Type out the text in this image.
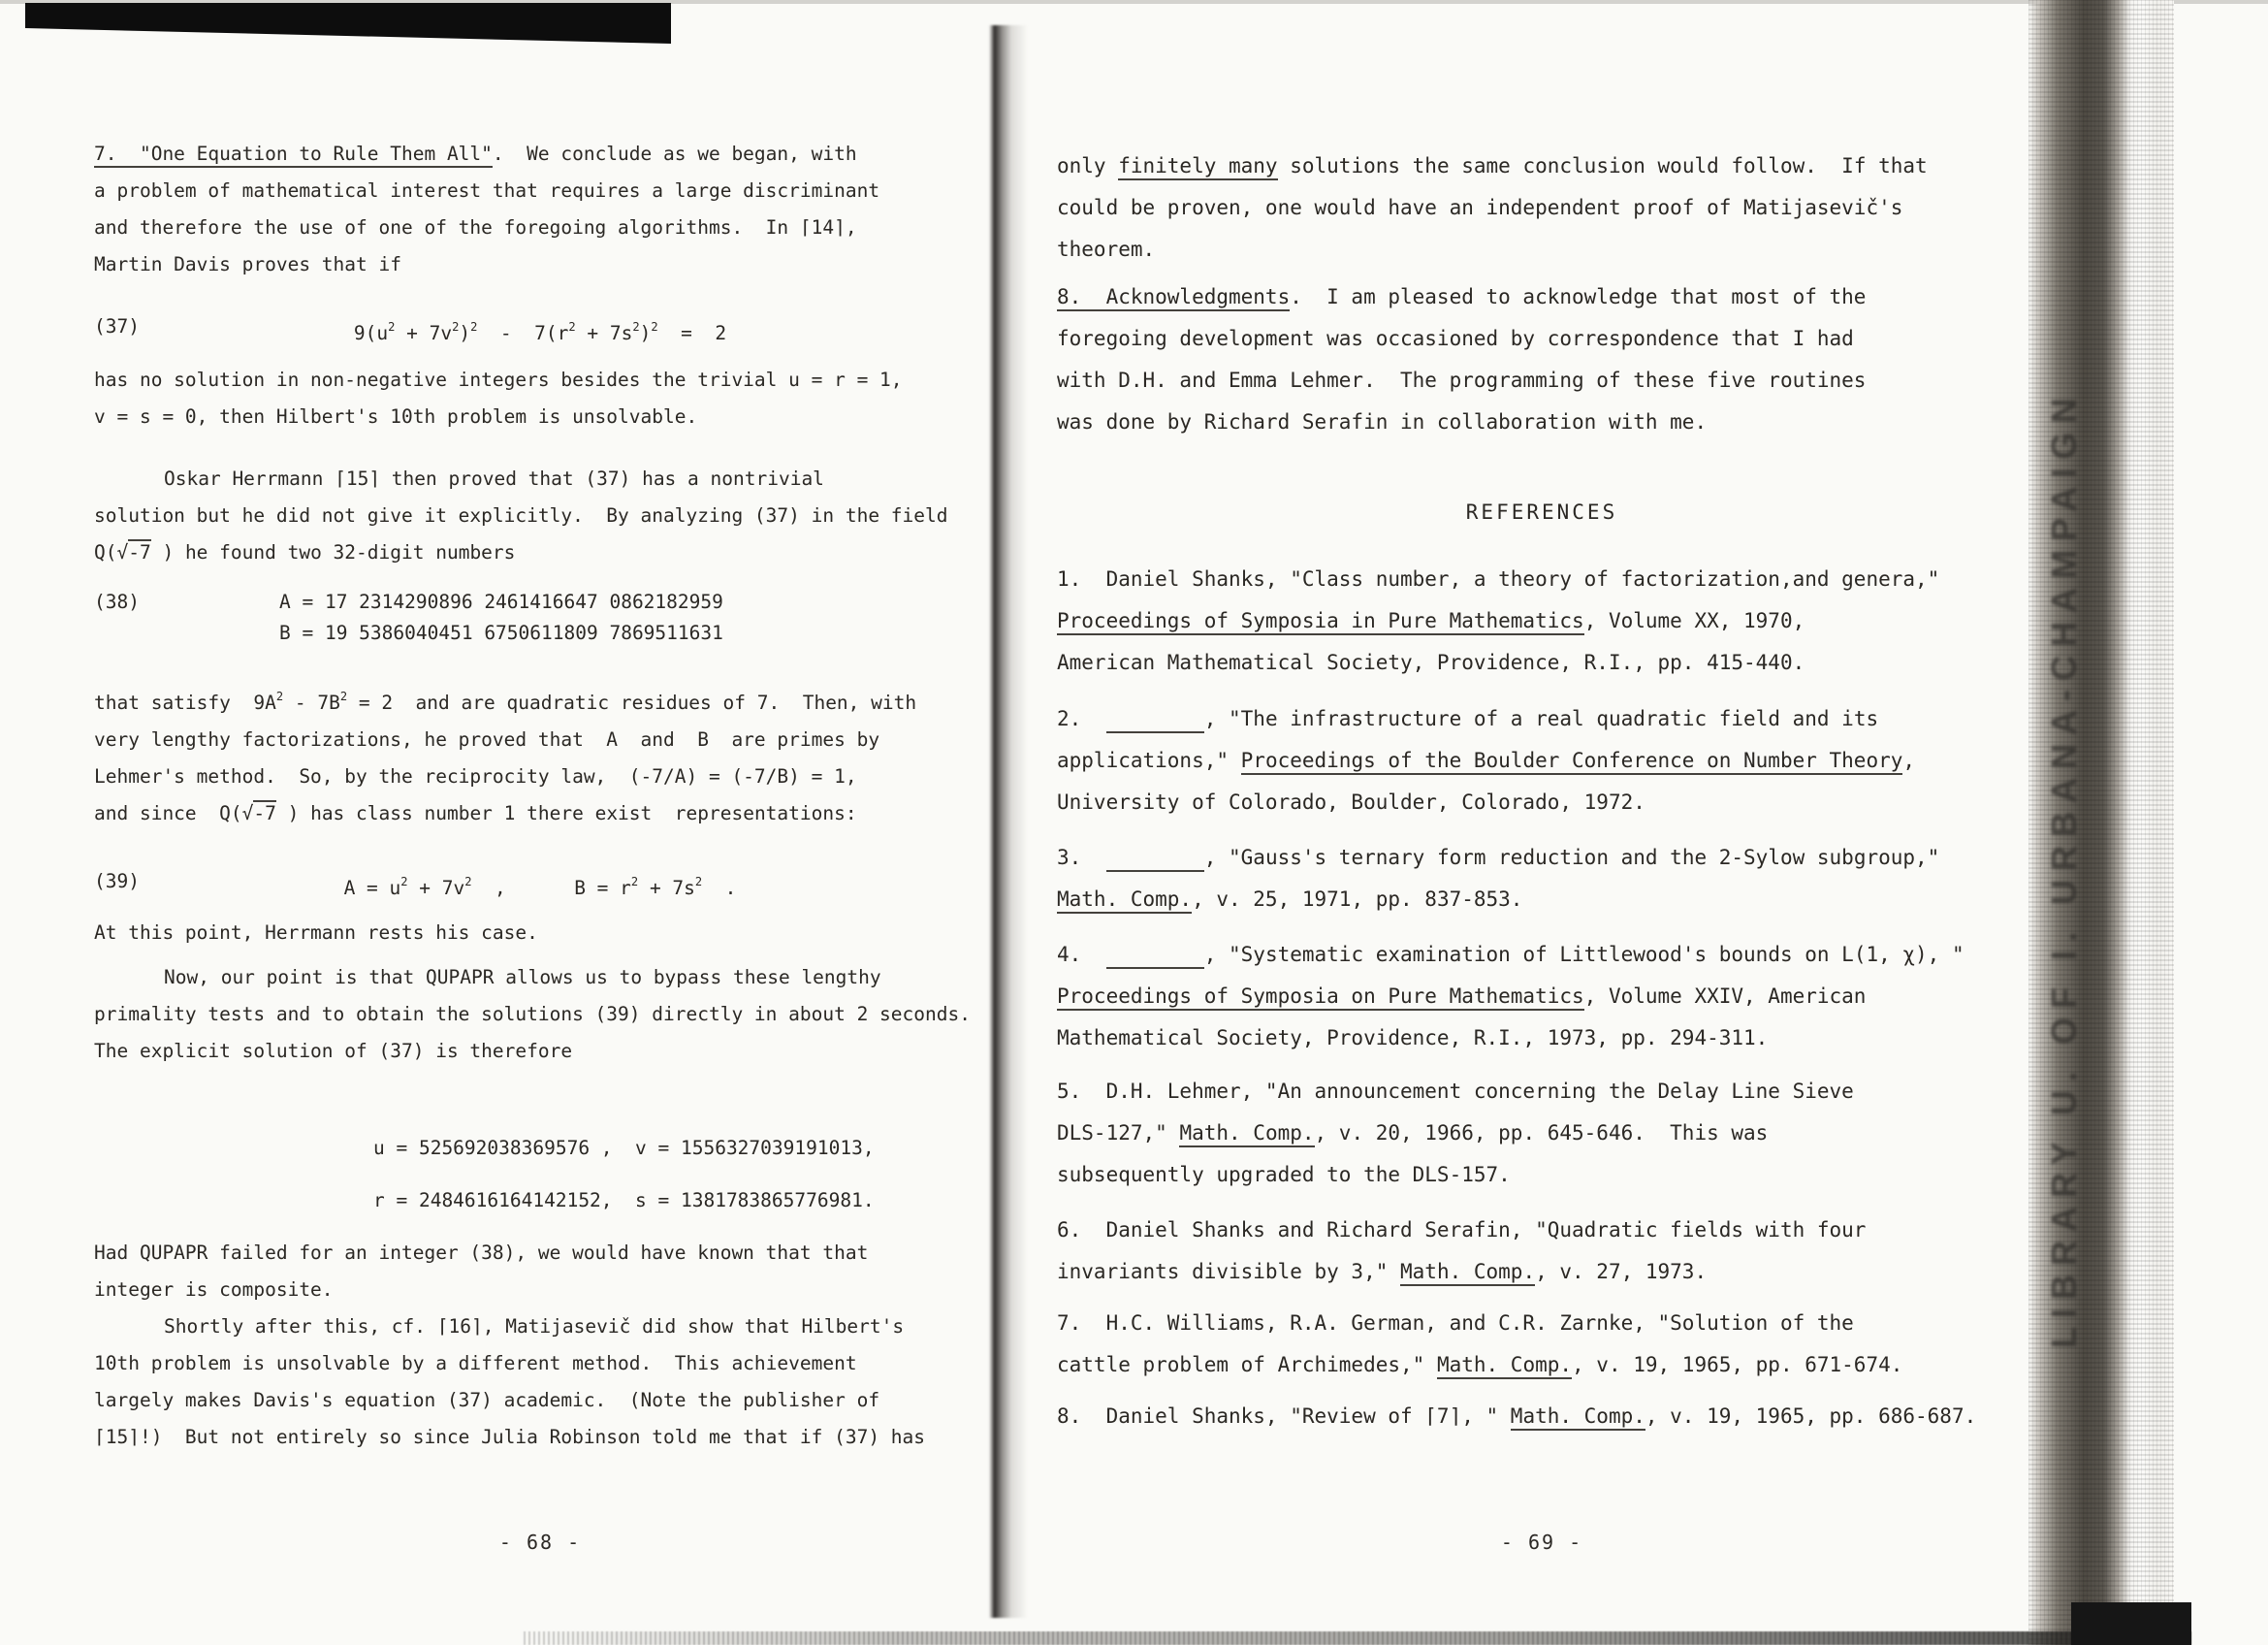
7.  "One Equation to Rule Them All".  We conclude as we began, with
a problem of mathematical interest that requires a large discriminant
and therefore the use of one of the foregoing algorithms.  In ⌈14⌉,
Martin Davis proves that if
(37)	$9(u^2 + 7v^2)^2 - 7(r^2 + 7s^2)^2 = 2$
has no solution in non-negative integers besides the trivial u = r = 1,
v = s = 0, then Hilbert's 10th problem is unsolvable.
Oskar Herrmann ⌈15⌉ then proved that (37) has a nontrivial
solution but he did not give it explicitly.  By analyzing (37) in the field
Q(√-7 ) he found two 32-digit numbers
(38)	A = 17 2314290896 2461416647 0862182959
B = 19 5386040451 6750611809 7869511631
that satisfy  $9A^2 - 7B^2 = 2$  and are quadratic residues of 7.  Then, with
very lengthy factorizations, he proved that  A  and  B  are primes by
Lehmer's method.  So, by the reciprocity law,  (-7/A) = (-7/B) = 1,
and since  Q(√-7 ) has class number 1 there exist  representations:
(39)	$A = u^2 + 7v^2$  ,      $B = r^2 + 7s^2$  .
At this point, Herrmann rests his case.
Now, our point is that QUPAPR allows us to bypass these lengthy
primality tests and to obtain the solutions (39) directly in about 2 seconds.
The explicit solution of (37) is therefore
u = 525692038369576 ,  v = 1556327039191013,
r = 2484616164142152,  s = 1381783865776981.
Had QUPAPR failed for an integer (38), we would have known that that
integer is composite.
Shortly after this, cf. ⌈16⌉, Matijasevič did show that Hilbert's
10th problem is unsolvable by a different method.  This achievement
largely makes Davis's equation (37) academic.  (Note the publisher of
⌈15⌉!)  But not entirely so since Julia Robinson told me that if (37) has
- 68 -
only finitely many solutions the same conclusion would follow.  If that
could be proven, one would have an independent proof of Matijasevič's
theorem.
8.  Acknowledgments.  I am pleased to acknowledge that most of the
foregoing development was occasioned by correspondence that I had
with D.H. and Emma Lehmer.  The programming of these five routines
was done by Richard Serafin in collaboration with me.
REFERENCES
1.  Daniel Shanks, "Class number, a theory of factorization,and genera,"
Proceedings of Symposia in Pure Mathematics, Volume XX, 1970,
American Mathematical Society, Providence, R.I., pp. 415-440.
2.	, "The infrastructure of a real quadratic field and its
applications," Proceedings of the Boulder Conference on Number Theory,
University of Colorado, Boulder, Colorado, 1972.
3.	, "Gauss's ternary form reduction and the 2-Sylow subgroup,"
Math. Comp., v. 25, 1971, pp. 837-853.
4.	, "Systematic examination of Littlewood's bounds on L(1, χ), "
Proceedings of Symposia on Pure Mathematics, Volume XXIV, American
Mathematical Society, Providence, R.I., 1973, pp. 294-311.
5.  D.H. Lehmer, "An announcement concerning the Delay Line Sieve
DLS-127," Math. Comp., v. 20, 1966, pp. 645-646.  This was
subsequently upgraded to the DLS-157.
6.  Daniel Shanks and Richard Serafin, "Quadratic fields with four
invariants divisible by 3," Math. Comp., v. 27, 1973.
7.  H.C. Williams, R.A. German, and C.R. Zarnke, "Solution of the
cattle problem of Archimedes," Math. Comp., v. 19, 1965, pp. 671-674.
8.  Daniel Shanks, "Review of ⌈7⌉, " Math. Comp., v. 19, 1965, pp. 686-687.
- 69 -
LIBRARY U. OF I. URBANA-CHAMPAIGN
